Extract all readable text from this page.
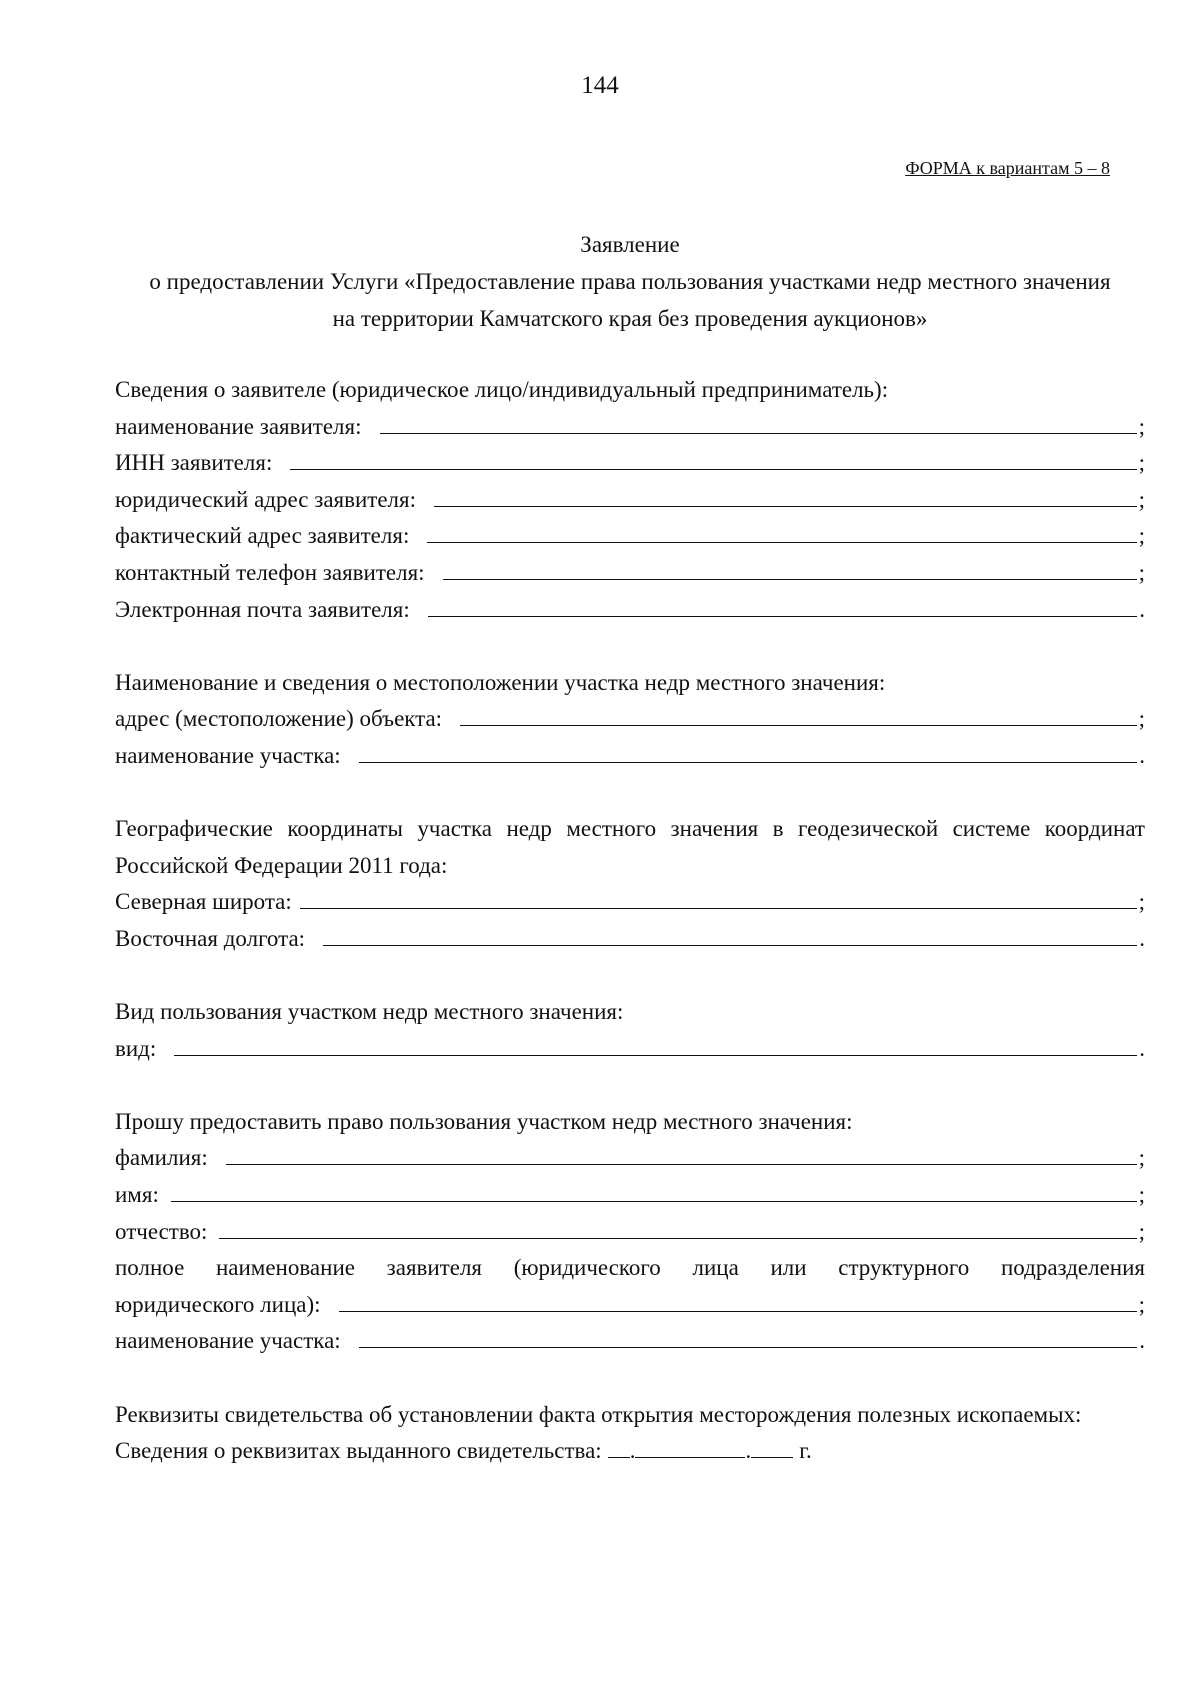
144
ФОРМА к вариантам 5 – 8
Заявление
о предоставлении Услуги «Предоставление права пользования участками недр местного значения
на территории Камчатского края без проведения аукционов»
Сведения о заявителе (юридическое лицо/индивидуальный предприниматель):
наименование заявителя:	;
ИНН заявителя:	;
юридический адрес заявителя:	;
фактический адрес заявителя:	;
контактный телефон заявителя:	;
Электронная почта заявителя:	.
Наименование и сведения о местоположении участка недр местного значения:
адрес (местоположение) объекта:	;
наименование участка:	.
Географические координаты участка недр местного значения в геодезической системе координат
Российской Федерации 2011 года:
Северная широта:	;
Восточная долгота:	.
Вид пользования участком недр местного значения:
вид:	.
Прошу предоставить право пользования участком недр местного значения:
фамилия:	;
имя:	;
отчество:	;
полное наименование заявителя (юридического лица или структурного подразделения
юридического лица):	;
наименование участка:	.
Реквизиты свидетельства об установлении факта открытия месторождения полезных ископаемых:
Сведения о реквизитах выданного свидетельства: .	. г.
